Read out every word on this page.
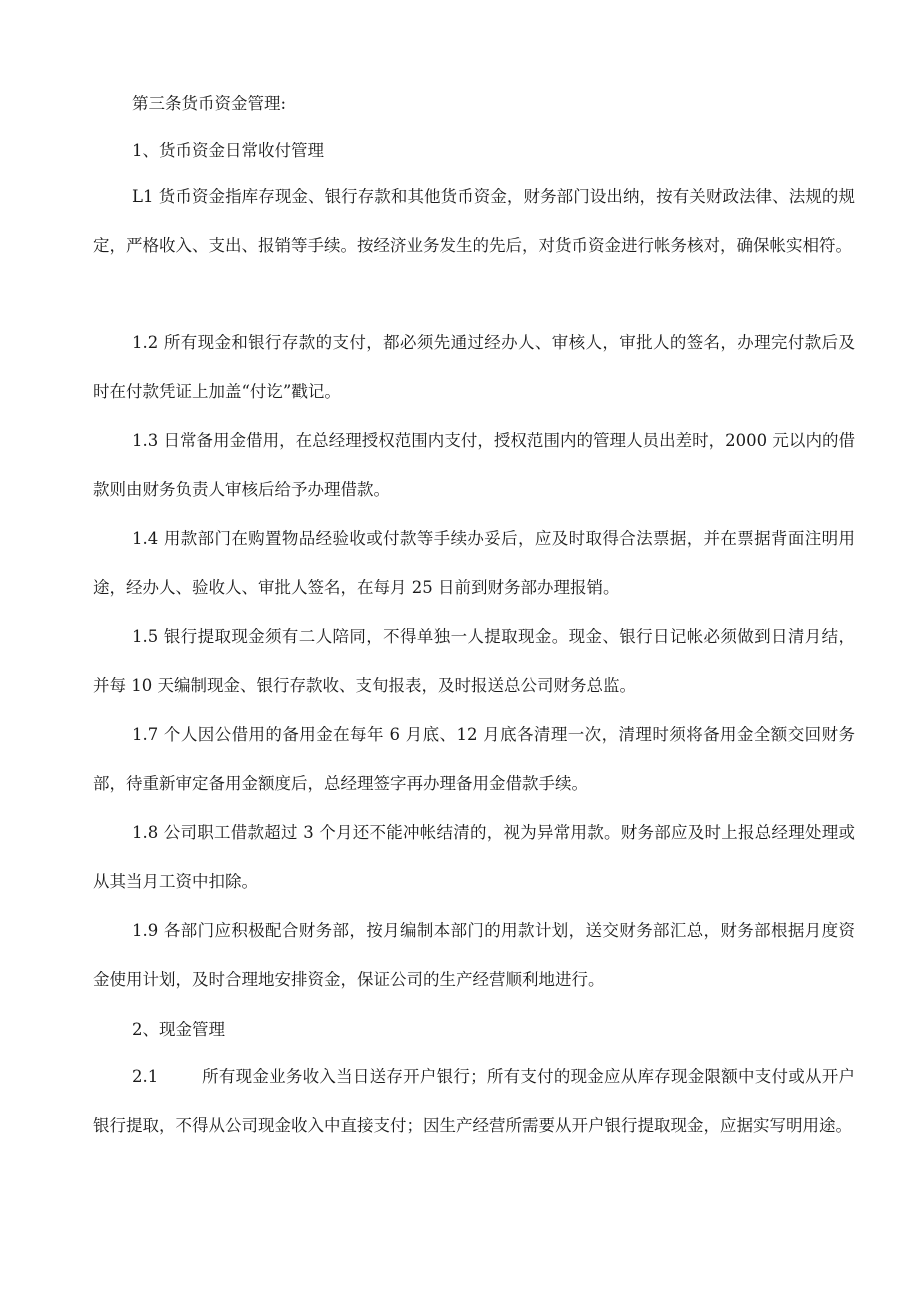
第三条货币资金管理:

1、货币资金日常收付管理

L1 货币资金指库存现金、银行存款和其他货币资金，财务部门设出纳，按有关财政法律、法规的规定，严格收入、支出、报销等手续。按经济业务发生的先后，对货币资金进行帐务核对，确保帐实相符。

1.2 所有现金和银行存款的支付，都必须先通过经办人、审核人，审批人的签名，办理完付款后及时在付款凭证上加盖“付讫”戳记。

1.3 日常备用金借用，在总经理授权范围内支付，授权范围内的管理人员出差时，2000 元以内的借款则由财务负责人审核后给予办理借款。

1.4 用款部门在购置物品经验收或付款等手续办妥后，应及时取得合法票据，并在票据背面注明用途，经办人、验收人、审批人签名，在每月 25 日前到财务部办理报销。

1.5 银行提取现金须有二人陪同，不得单独一人提取现金。现金、银行日记帐必须做到日清月结，并每 10 天编制现金、银行存款收、支旬报表，及时报送总公司财务总监。

1.7 个人因公借用的备用金在每年 6 月底、12 月底各清理一次，清理时须将备用金全额交回财务部，待重新审定备用金额度后，总经理签字再办理备用金借款手续。

1.8 公司职工借款超过 3 个月还不能冲帐结清的，视为异常用款。财务部应及时上报总经理处理或从其当月工资中扣除。

1.9 各部门应积极配合财务部，按月编制本部门的用款计划，送交财务部汇总，财务部根据月度资金使用计划，及时合理地安排资金，保证公司的生产经营顺利地进行。

2、现金管理

2.1        所有现金业务收入当日送存开户银行；所有支付的现金应从库存现金限额中支付或从开户银行提取，不得从公司现金收入中直接支付；因生产经营所需要从开户银行提取现金，应据实写明用途。
